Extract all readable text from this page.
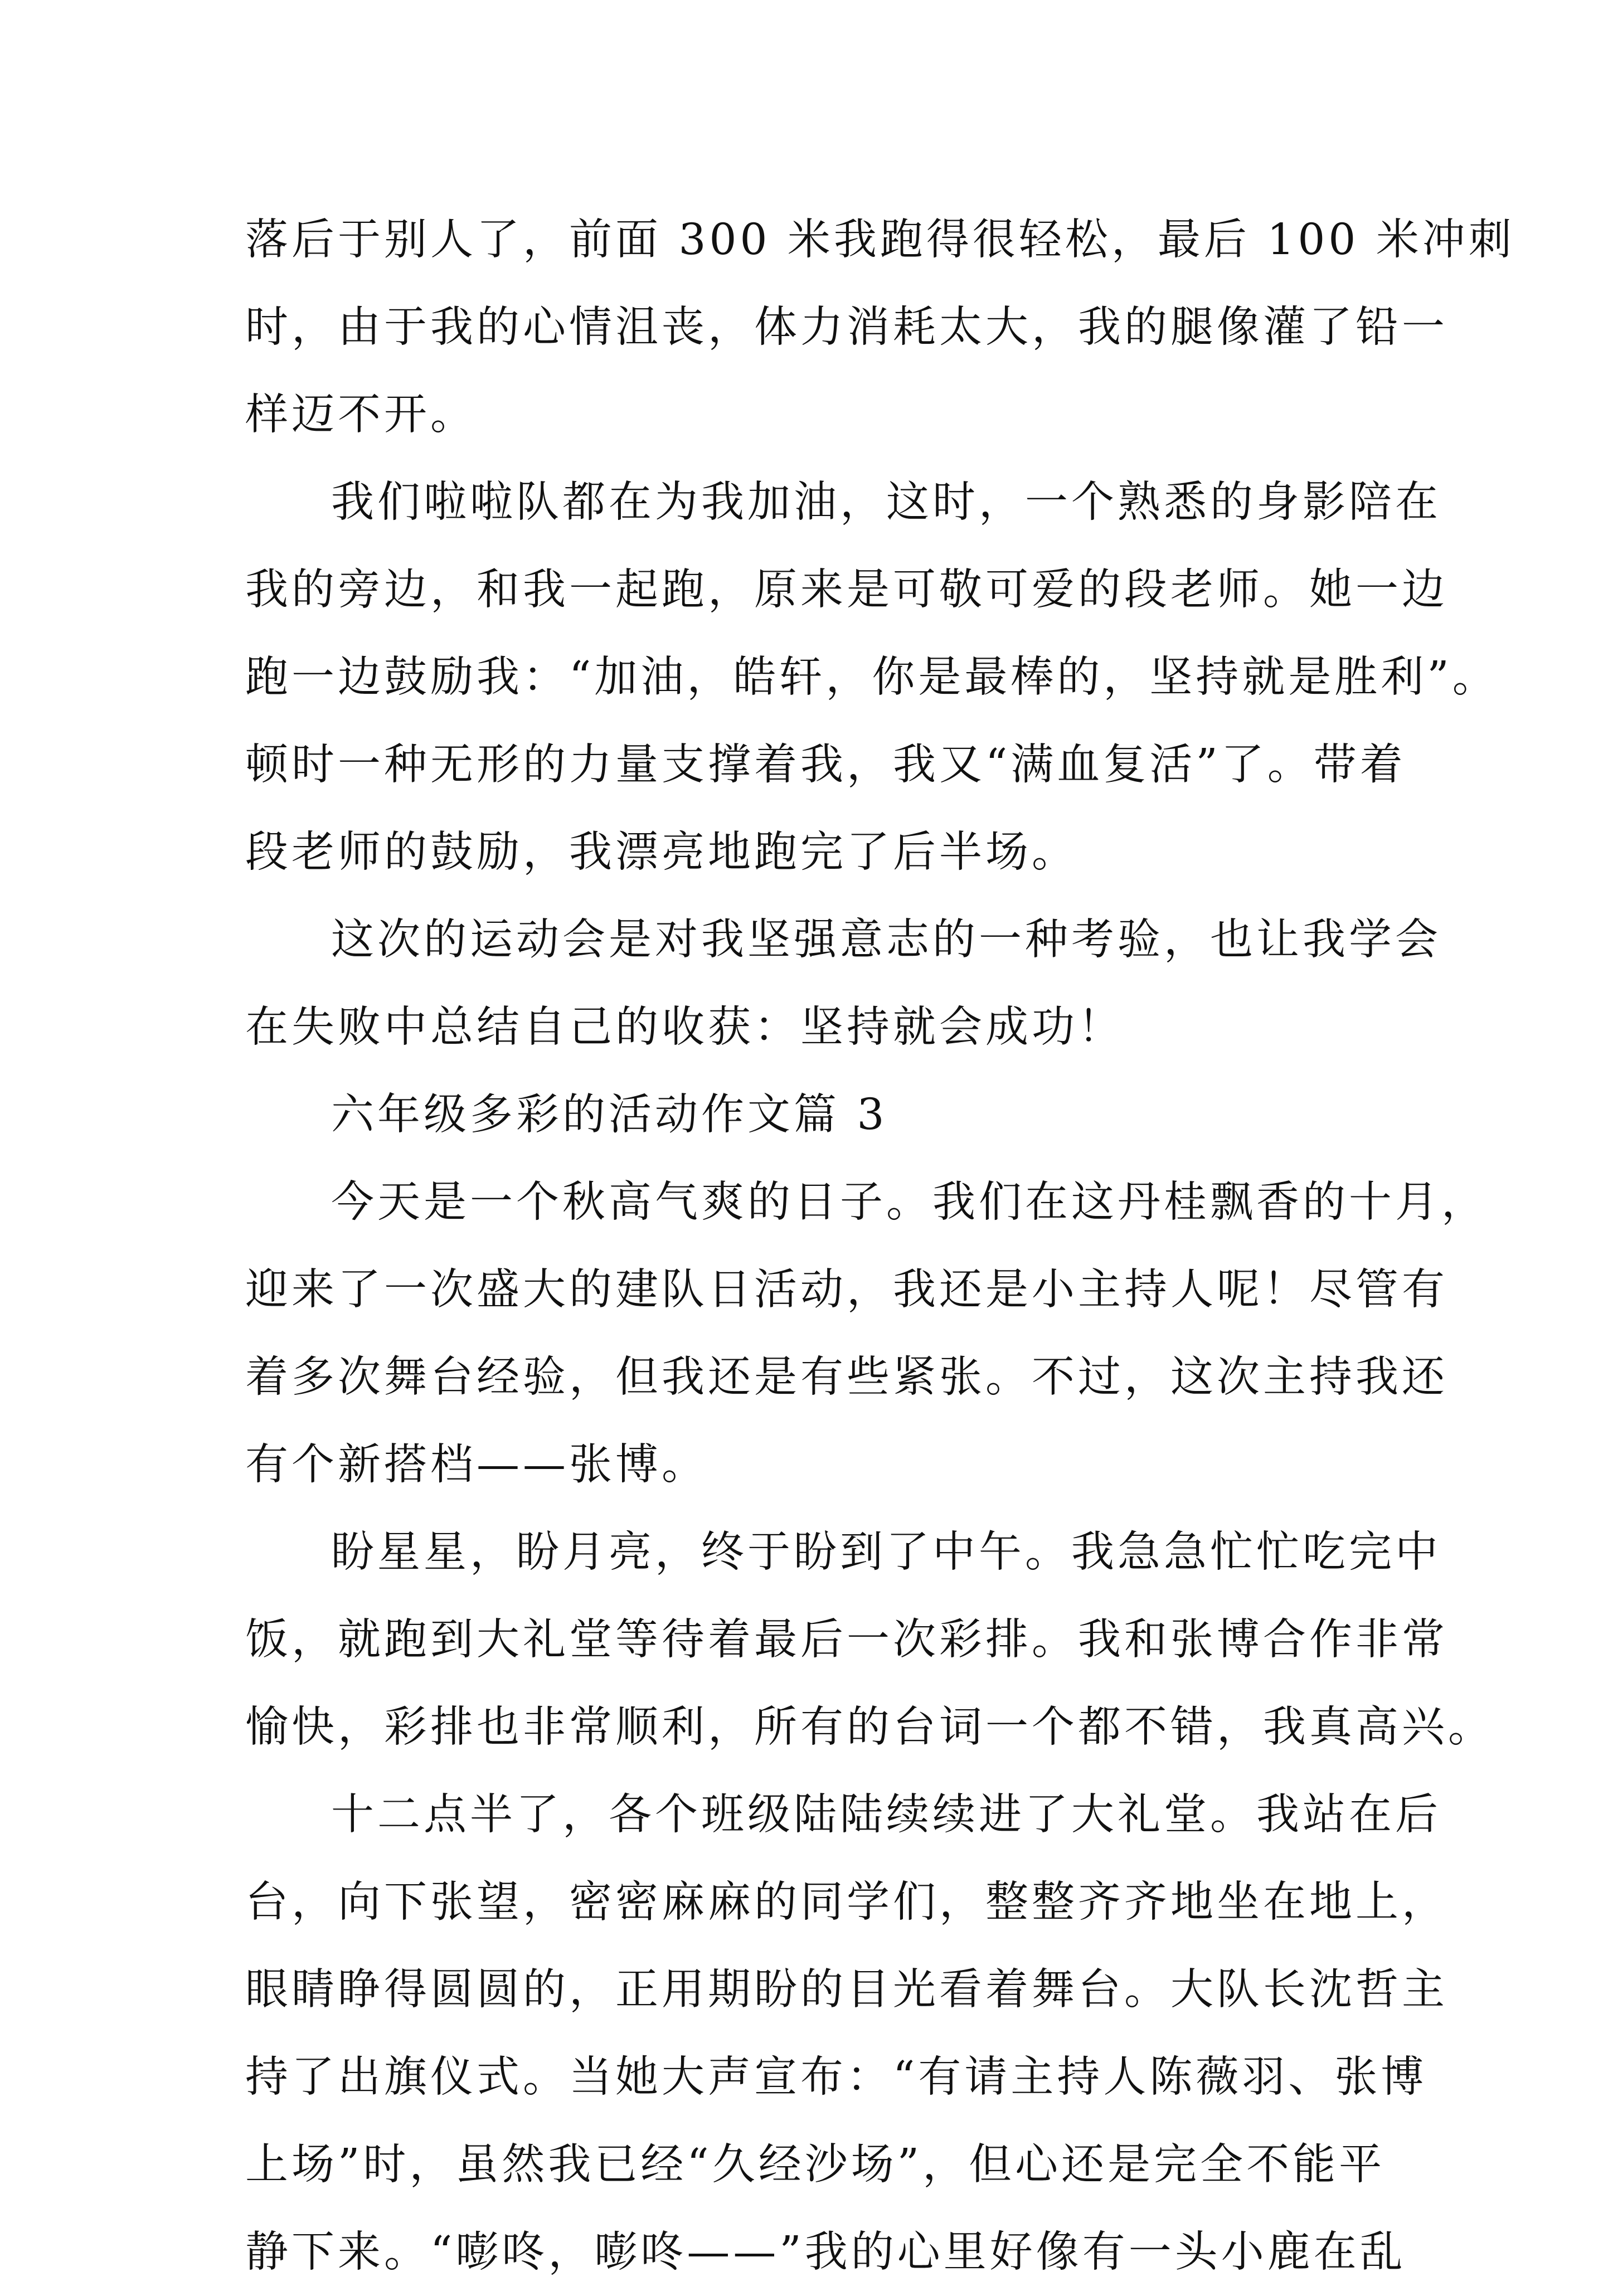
落后于别人了，前面 300 米我跑得很轻松，最后 100 米冲刺
时，由于我的心情沮丧，体力消耗太大，我的腿像灌了铅一
样迈不开。
我们啦啦队都在为我加油，这时，一个熟悉的身影陪在
我的旁边，和我一起跑，原来是可敬可爱的段老师。她一边
跑一边鼓励我：“加油，皓轩，你是最棒的，坚持就是胜利”。
顿时一种无形的力量支撑着我，我又“满血复活”了。带着
段老师的鼓励，我漂亮地跑完了后半场。
这次的运动会是对我坚强意志的一种考验，也让我学会
在失败中总结自己的收获：坚持就会成功！
六年级多彩的活动作文篇 3
今天是一个秋高气爽的日子。我们在这丹桂飘香的十月，
迎来了一次盛大的建队日活动，我还是小主持人呢！尽管有
着多次舞台经验，但我还是有些紧张。不过，这次主持我还
有个新搭档——张博。
盼星星，盼月亮，终于盼到了中午。我急急忙忙吃完中
饭，就跑到大礼堂等待着最后一次彩排。我和张博合作非常
愉快，彩排也非常顺利，所有的台词一个都不错，我真高兴。
十二点半了，各个班级陆陆续续进了大礼堂。我站在后
台，向下张望，密密麻麻的同学们，整整齐齐地坐在地上，
眼睛睁得圆圆的，正用期盼的目光看着舞台。大队长沈哲主
持了出旗仪式。当她大声宣布：“有请主持人陈薇羽、张博
上场”时，虽然我已经“久经沙场”，但心还是完全不能平
静下来。“嘭咚，嘭咚——”我的心里好像有一头小鹿在乱
